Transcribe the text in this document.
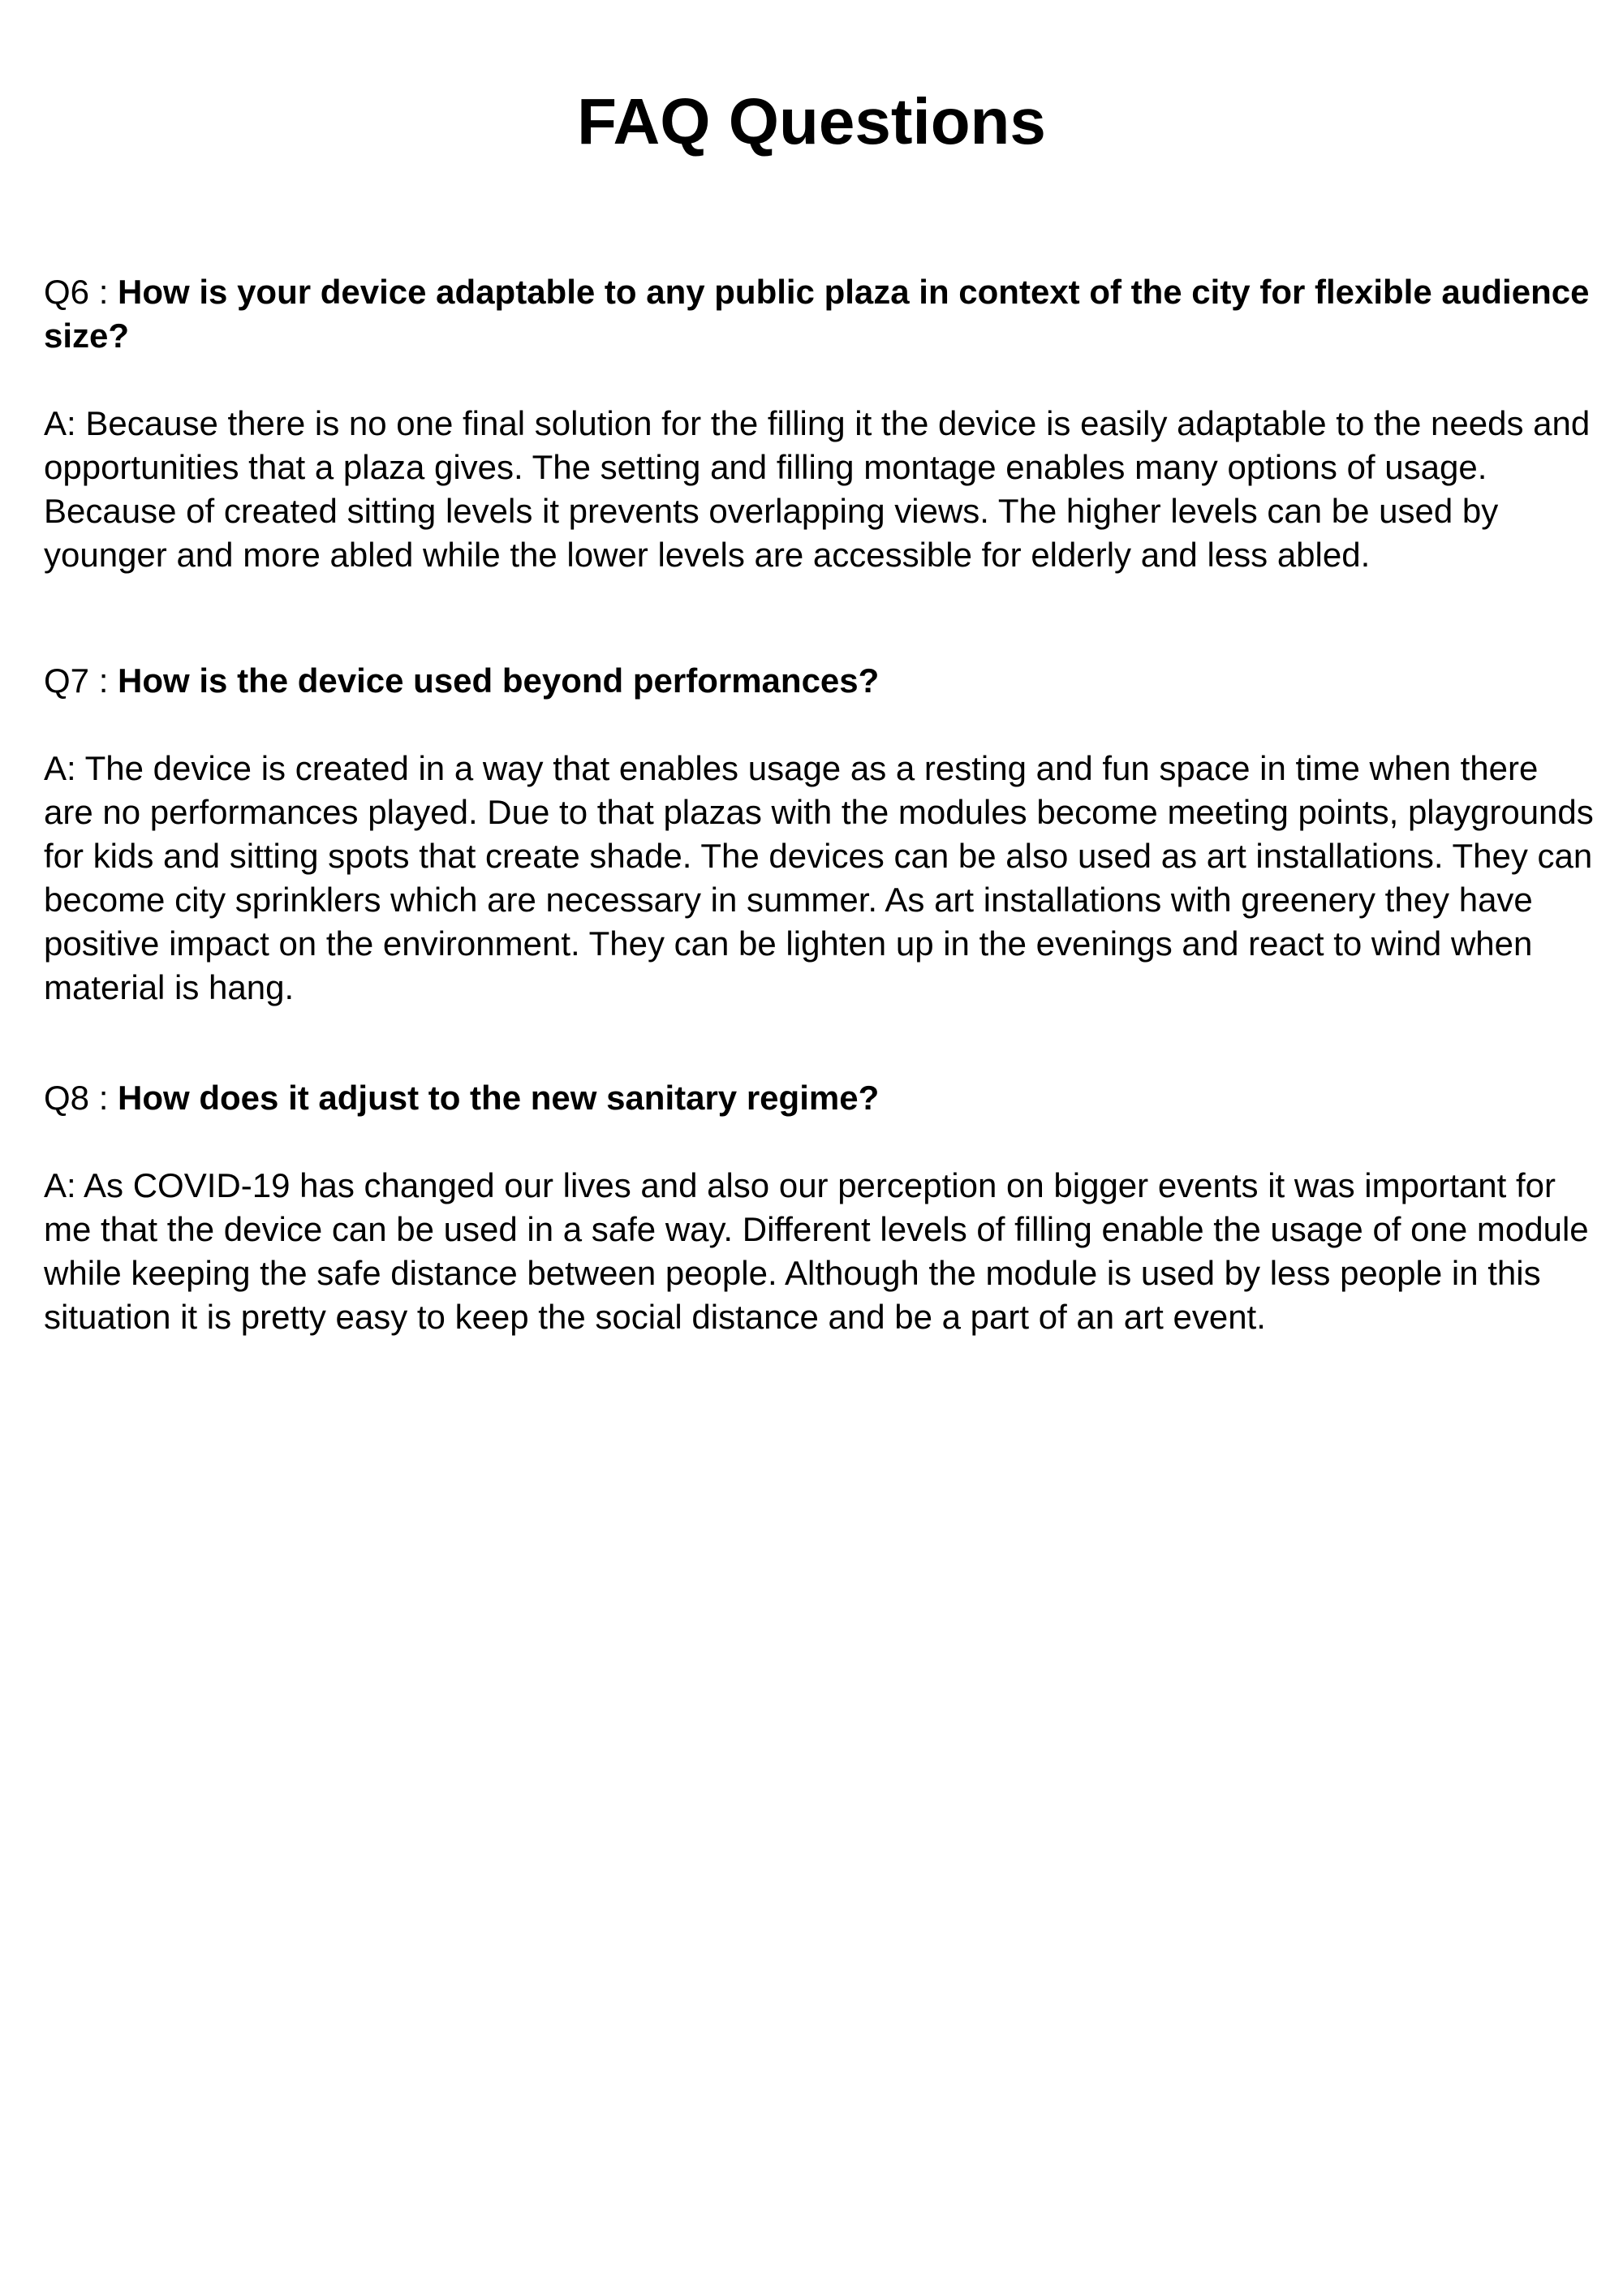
FAQ Questions

Q6 : How is your device adaptable to any public plaza in context of the city for flexible audience size?

A: Because there is no one final solution for the filling it the device is easily adaptable to the needs and opportunities that a plaza gives. The setting and filling montage enables many options of usage. Because of created sitting levels it prevents overlapping views. The higher levels can be used by younger and more abled while the lower levels are accessible for elderly and less abled.

Q7 : How is the device used beyond performances?

A: The device is created in a way that enables usage as a resting and fun space in time when there are no performances played. Due to that plazas with the modules become meeting points, playgrounds for kids and sitting spots that create shade. The devices can be also used as art installations. They can become city sprinklers which are necessary in summer. As art installations with greenery they have positive impact on the environment. They can be lighten up in the evenings and react to wind when material is hang.

Q8 : How does it adjust to the new sanitary regime?

A: As COVID-19 has changed our lives and also our perception on bigger events it was important for me that the device can be used in a safe way. Different levels of filling enable the usage of one module while keeping the safe distance between people. Although the module is used by less people in this situation it is pretty easy to keep the social distance and be a part of an art event.
